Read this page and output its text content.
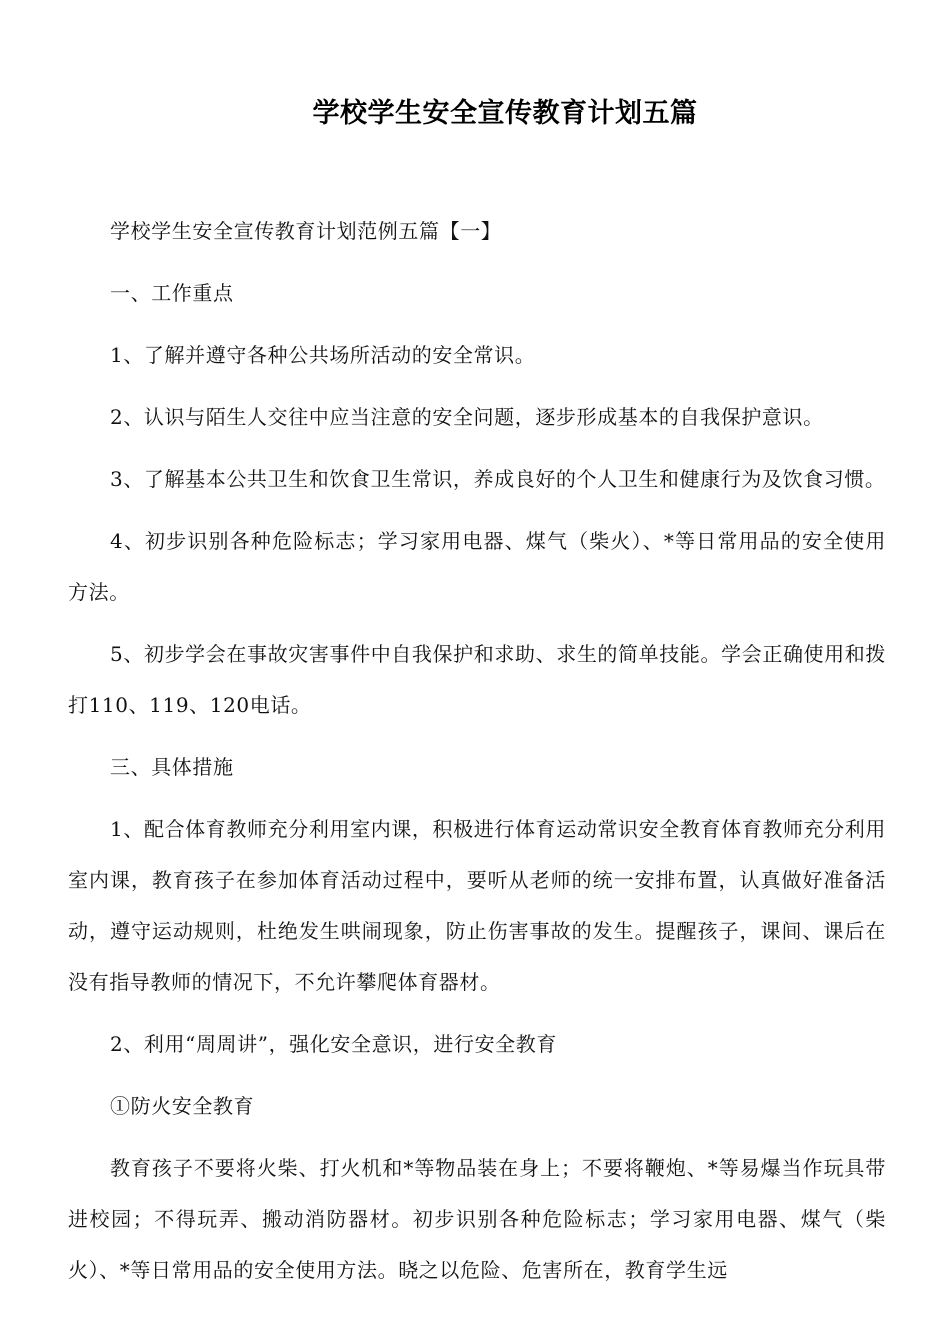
学校学生安全宣传教育计划五篇

学校学生安全宣传教育计划范例五篇【一】

一、工作重点

1、了解并遵守各种公共场所活动的安全常识。

2、认识与陌生人交往中应当注意的安全问题，逐步形成基本的自我保护意识。

3、了解基本公共卫生和饮食卫生常识，养成良好的个人卫生和健康行为及饮食习惯。

4、初步识别各种危险标志；学习家用电器、煤气（柴火）、*等日常用品的安全使用方法。

5、初步学会在事故灾害事件中自我保护和求助、求生的简单技能。学会正确使用和拨打110、119、120电话。

三、具体措施

1、配合体育教师充分利用室内课，积极进行体育运动常识安全教育体育教师充分利用室内课，教育孩子在参加体育活动过程中，要听从老师的统一安排布置，认真做好准备活动，遵守运动规则，杜绝发生哄闹现象，防止伤害事故的发生。提醒孩子，课间、课后在没有指导教师的情况下，不允许攀爬体育器材。

2、利用“周周讲”，强化安全意识，进行安全教育

①防火安全教育

教育孩子不要将火柴、打火机和*等物品装在身上；不要将鞭炮、*等易爆当作玩具带进校园；不得玩弄、搬动消防器材。初步识别各种危险标志；学习家用电器、煤气（柴火）、*等日常用品的安全使用方法。晓之以危险、危害所在，教育学生远
